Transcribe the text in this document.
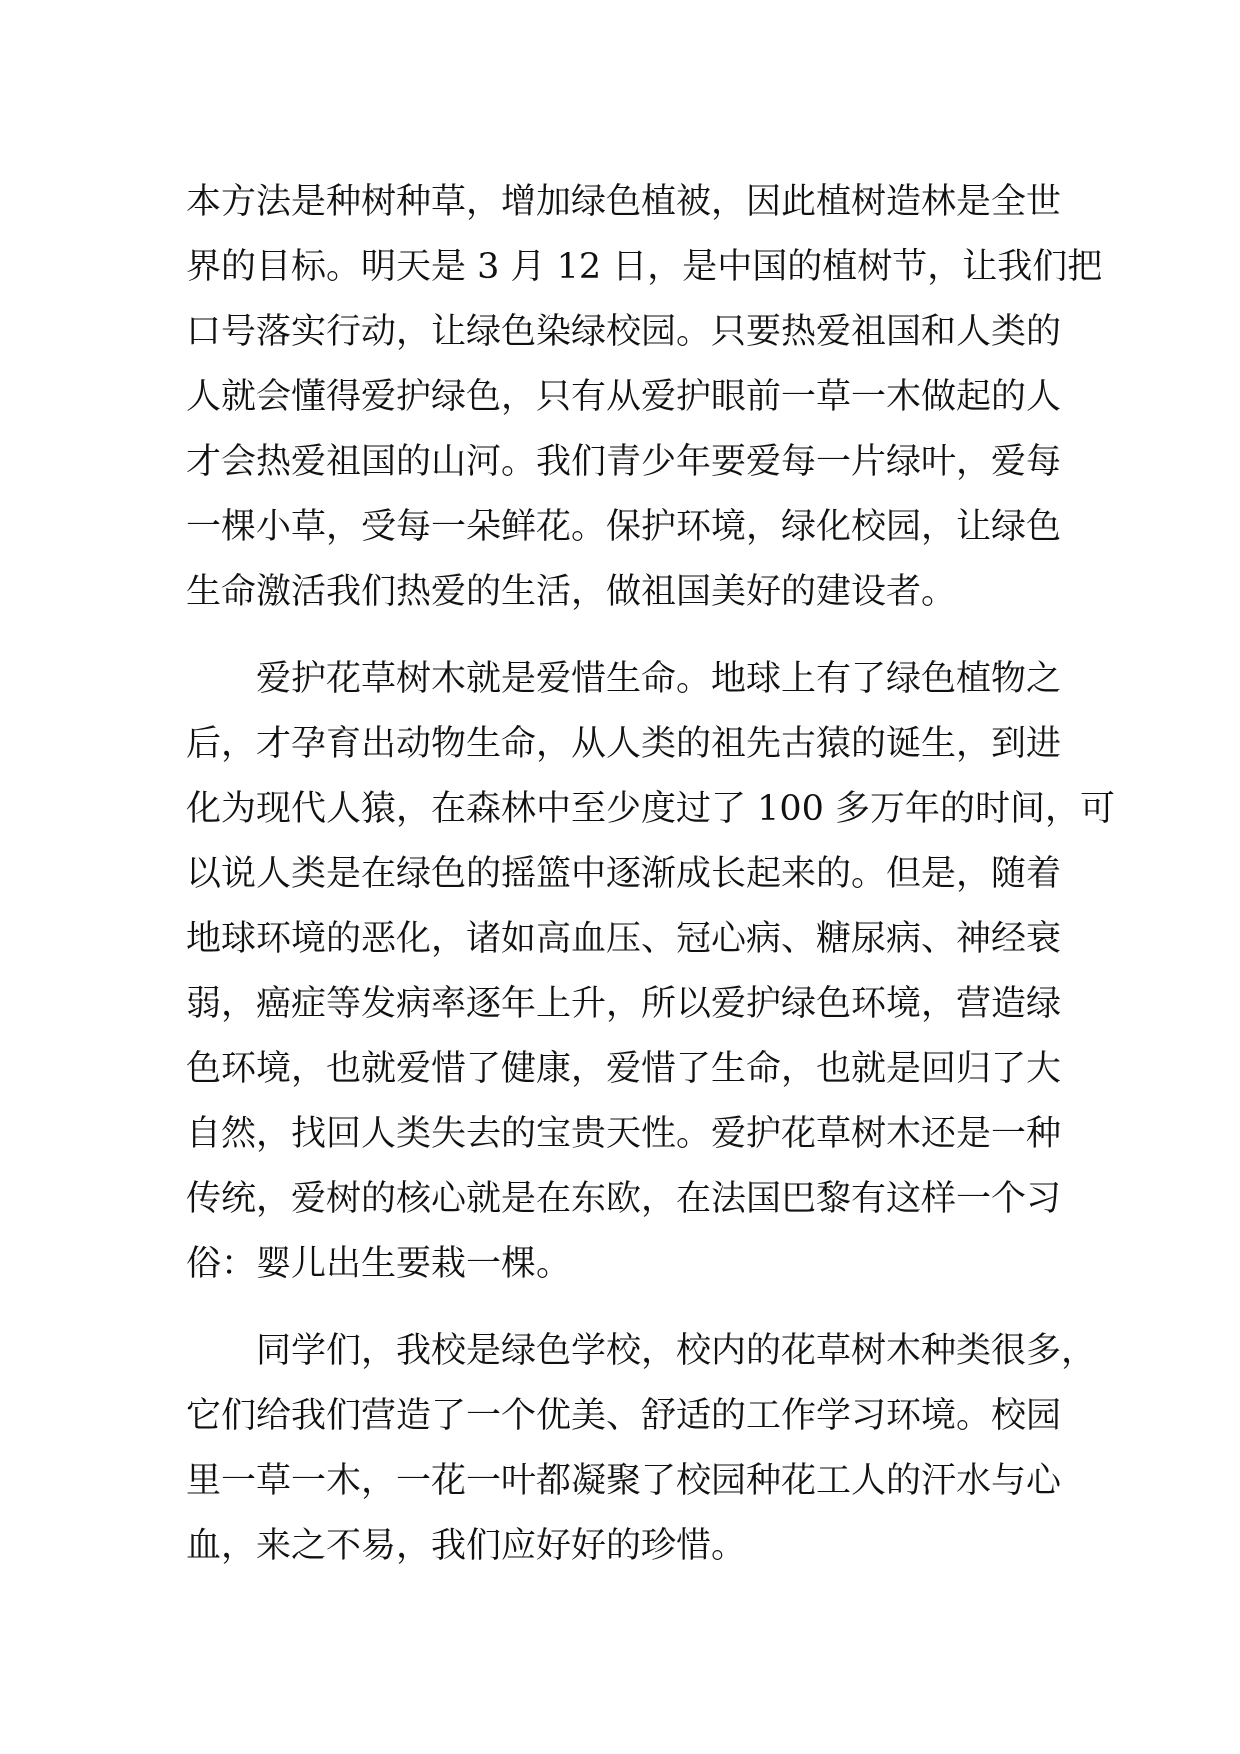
本方法是种树种草，增加绿色植被，因此植树造林是全世
界的目标。明天是 3 月 12 日，是中国的植树节，让我们把
口号落实行动，让绿色染绿校园。只要热爱祖国和人类的
人就会懂得爱护绿色，只有从爱护眼前一草一木做起的人
才会热爱祖国的山河。我们青少年要爱每一片绿叶，爱每
一棵小草，受每一朵鲜花。保护环境，绿化校园，让绿色
生命激活我们热爱的生活，做祖国美好的建设者。

爱护花草树木就是爱惜生命。地球上有了绿色植物之
后，才孕育出动物生命，从人类的祖先古猿的诞生，到进
化为现代人猿，在森林中至少度过了 100 多万年的时间，可
以说人类是在绿色的摇篮中逐渐成长起来的。但是，随着
地球环境的恶化，诸如高血压、冠心病、糖尿病、神经衰
弱，癌症等发病率逐年上升，所以爱护绿色环境，营造绿
色环境，也就爱惜了健康，爱惜了生命，也就是回归了大
自然，找回人类失去的宝贵天性。爱护花草树木还是一种
传统，爱树的核心就是在东欧，在法国巴黎有这样一个习
俗：婴儿出生要栽一棵。

同学们，我校是绿色学校，校内的花草树木种类很多，
它们给我们营造了一个优美、舒适的工作学习环境。校园
里一草一木，一花一叶都凝聚了校园种花工人的汗水与心
血，来之不易，我们应好好的珍惜。
